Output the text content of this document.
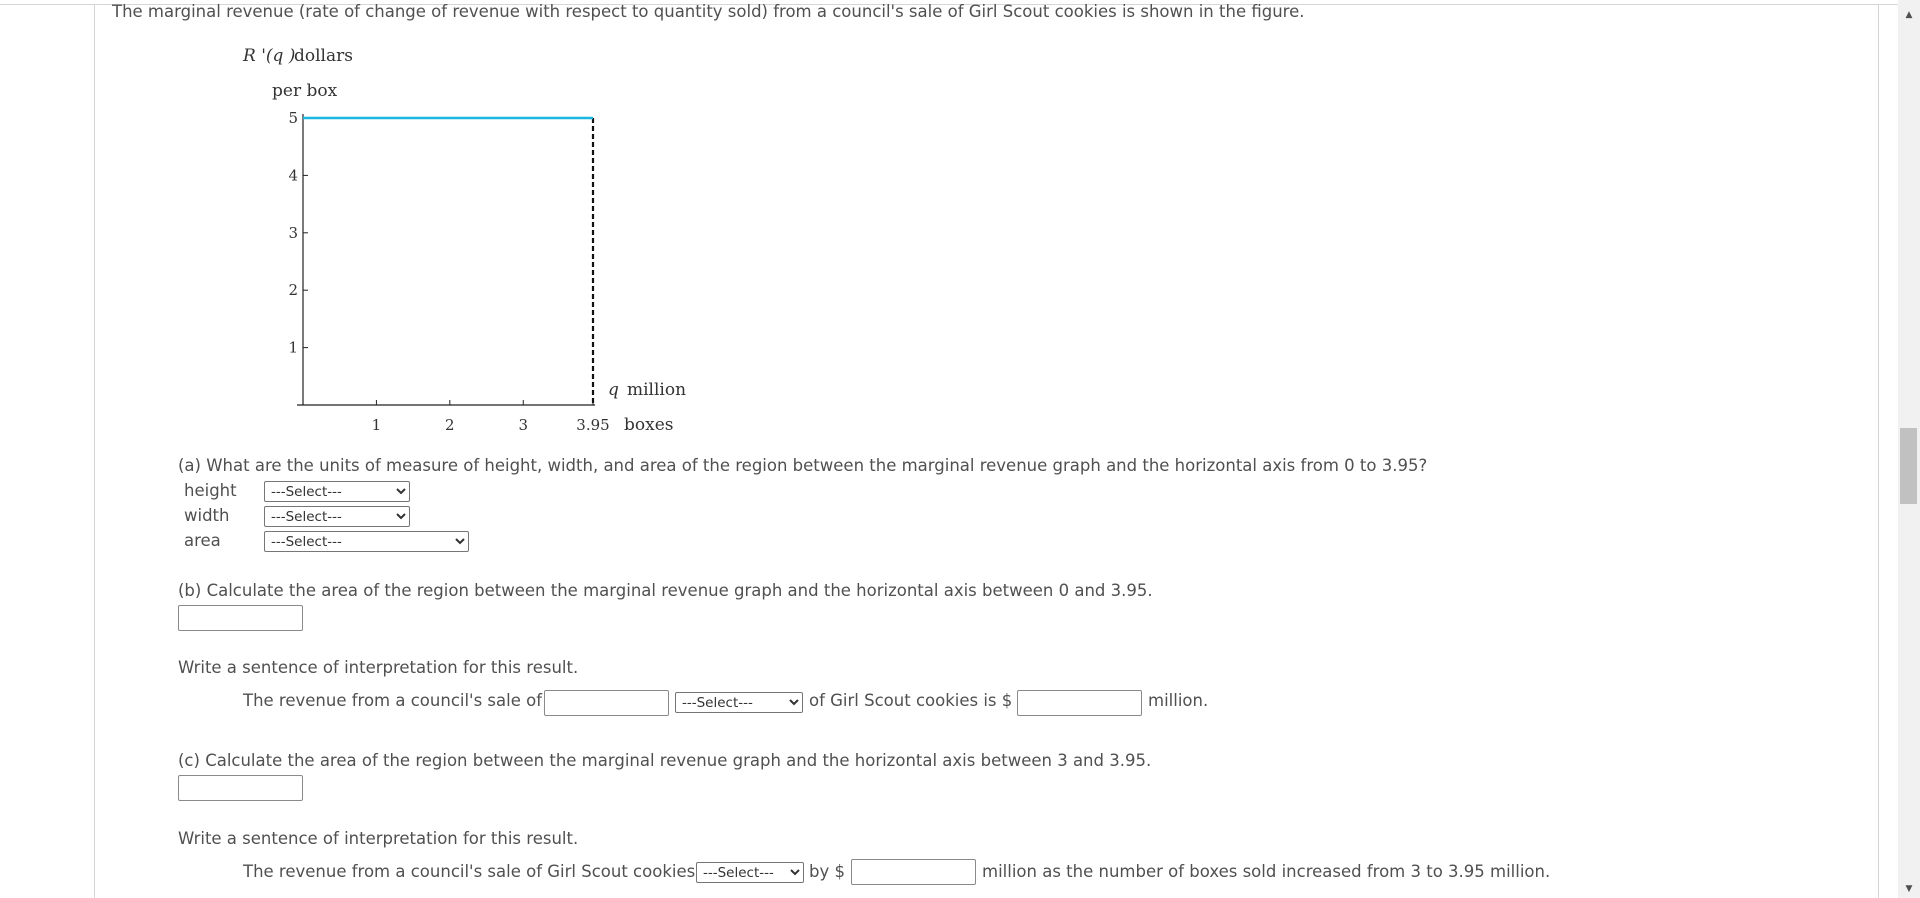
The marginal revenue (rate of change of revenue with respect to quantity sold) from a council's sale of Girl Scout cookies is shown in the figure.
R '(q )
dollars
per box
1
2
3
4
5
1	2	3	3.95
q million
boxes
(a) What are the units of measure of height, width, and area of the region between the marginal revenue graph and the horizontal axis from 0 to 3.95?
height
---Select---
width
---Select---
area
---Select---
(b) Calculate the area of the region between the marginal revenue graph and the horizontal axis between 0 and 3.95.
Write a sentence of interpretation for this result.
The revenue from a council's sale of
---Select---	of Girl Scout cookies is $	million.
(c) Calculate the area of the region between the marginal revenue graph and the horizontal axis between 3 and 3.95.
Write a sentence of interpretation for this result.
The revenue from a council's sale of Girl Scout cookies
---Select---	by $	million as the number of boxes sold increased from 3 to 3.95 million.
▲
▼
